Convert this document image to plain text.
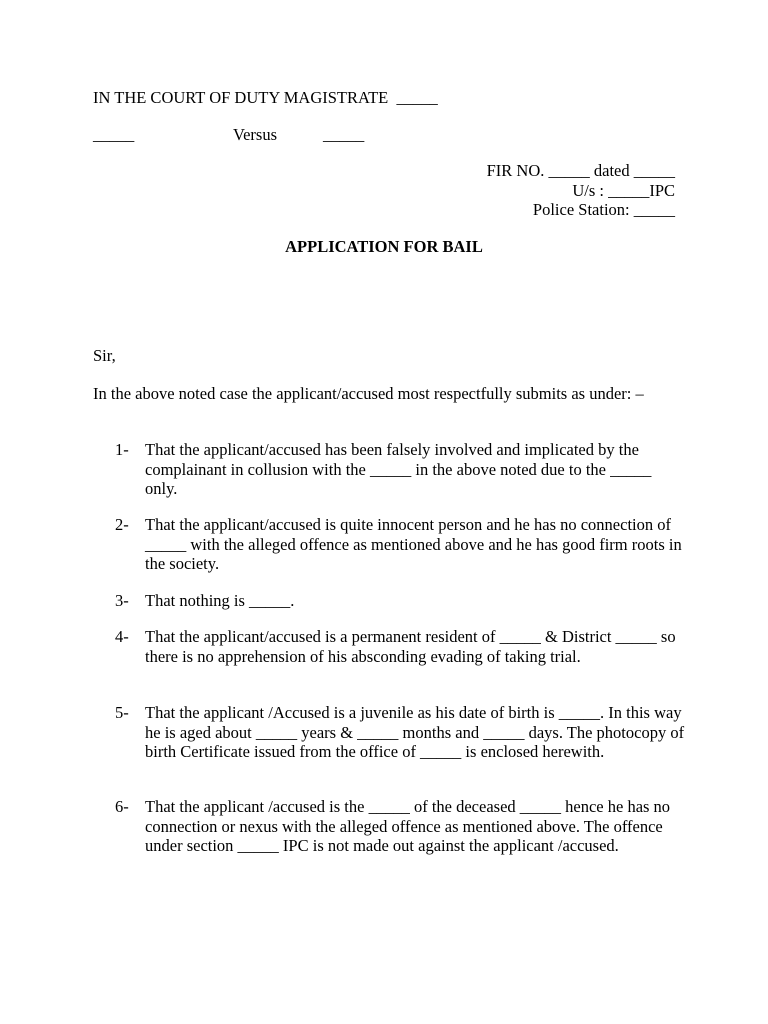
IN THE COURT OF DUTY MAGISTRATE  _____
_____	Versus	_____
FIR NO. _____ dated _____
U/s : _____IPC
Police Station: _____
APPLICATION FOR BAIL
Sir,
In the above noted case the applicant/accused most respectfully submits as under: –
1- That the applicant/accused has been falsely involved and implicated by the complainant in collusion with the _____ in the above noted due to the _____ only.
2- That the applicant/accused is quite innocent person and he has no connection of _____ with the alleged offence as mentioned above and he has good firm roots in the society.
3- That nothing is _____.
4- That the applicant/accused is a permanent resident of _____ & District _____ so there is no apprehension of his absconding evading of taking trial.
5- That the applicant /Accused is a juvenile as his date of birth is _____. In this way he is aged about _____ years & _____ months and _____ days. The photocopy of birth Certificate issued from the office of _____ is enclosed herewith.
6- That the applicant /accused is the _____ of the deceased _____ hence he has no connection or nexus with the alleged offence as mentioned above. The offence under section _____ IPC is not made out against the applicant /accused.
